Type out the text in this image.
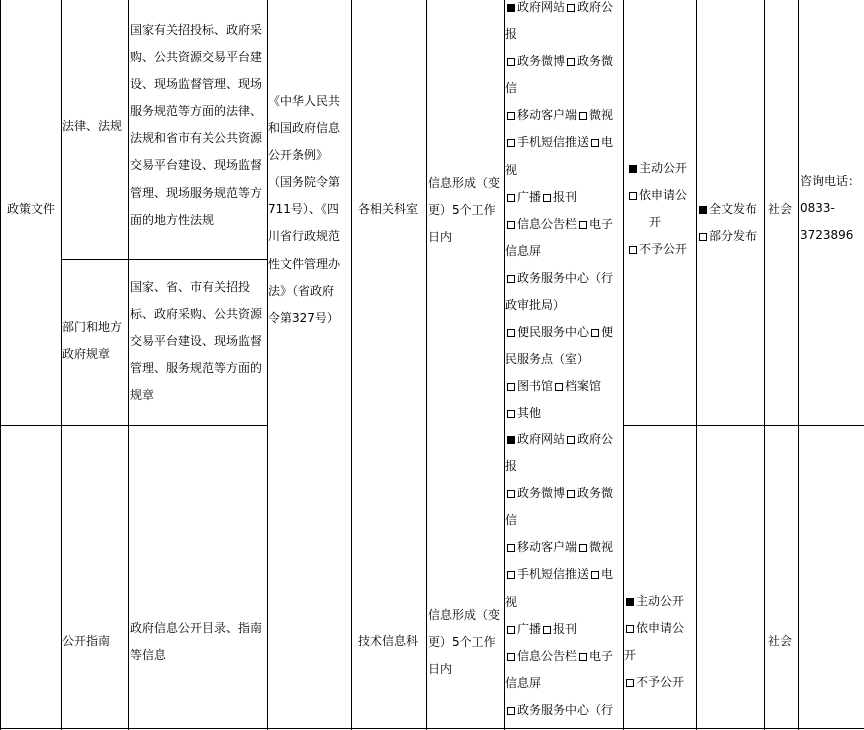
政策文件
法律、法规
国家有关招投标、政府采
购、公共资源交易平台建
设、现场监督管理、现场
服务规范等方面的法律、
法规和省市有关公共资源
交易平台建设、现场监督
管理、现场服务规范等方
面的地方性法规
部门和地方
政府规章
国家、省、市有关招投
标、政府采购、公共资源
交易平台建设、现场监督
管理、服务规范等方面的
规章
《中华人民共
和国政府信息
公开条例》
（国务院令第
711号）、《四
川省行政规范
性文件管理办
法》（省政府
令第327号）
各相关科室
信息形成（变
更）5个工作
日内
政府网站 政府公
报
政务微博 政务微
信
移动客户端 微视
手机短信推送 电
视
广播 报刊
信息公告栏 电子
信息屏
政务服务中心（行
政审批局）
便民服务中心 便
民服务点（室）
图书馆 档案馆
其他
主动公开
依申请公
开
不予公开
全文发布
部分发布
社会
咨询电话：
0833-
3723896
公开指南
政府信息公开目录、指南
等信息
技术信息科
信息形成（变
更）5个工作
日内
政府网站 政府公
报
政务微博 政务微
信
移动客户端 微视
手机短信推送 电
视
广播 报刊
信息公告栏 电子
信息屏
政务服务中心（行
主动公开
依申请公
开
不予公开
社会
